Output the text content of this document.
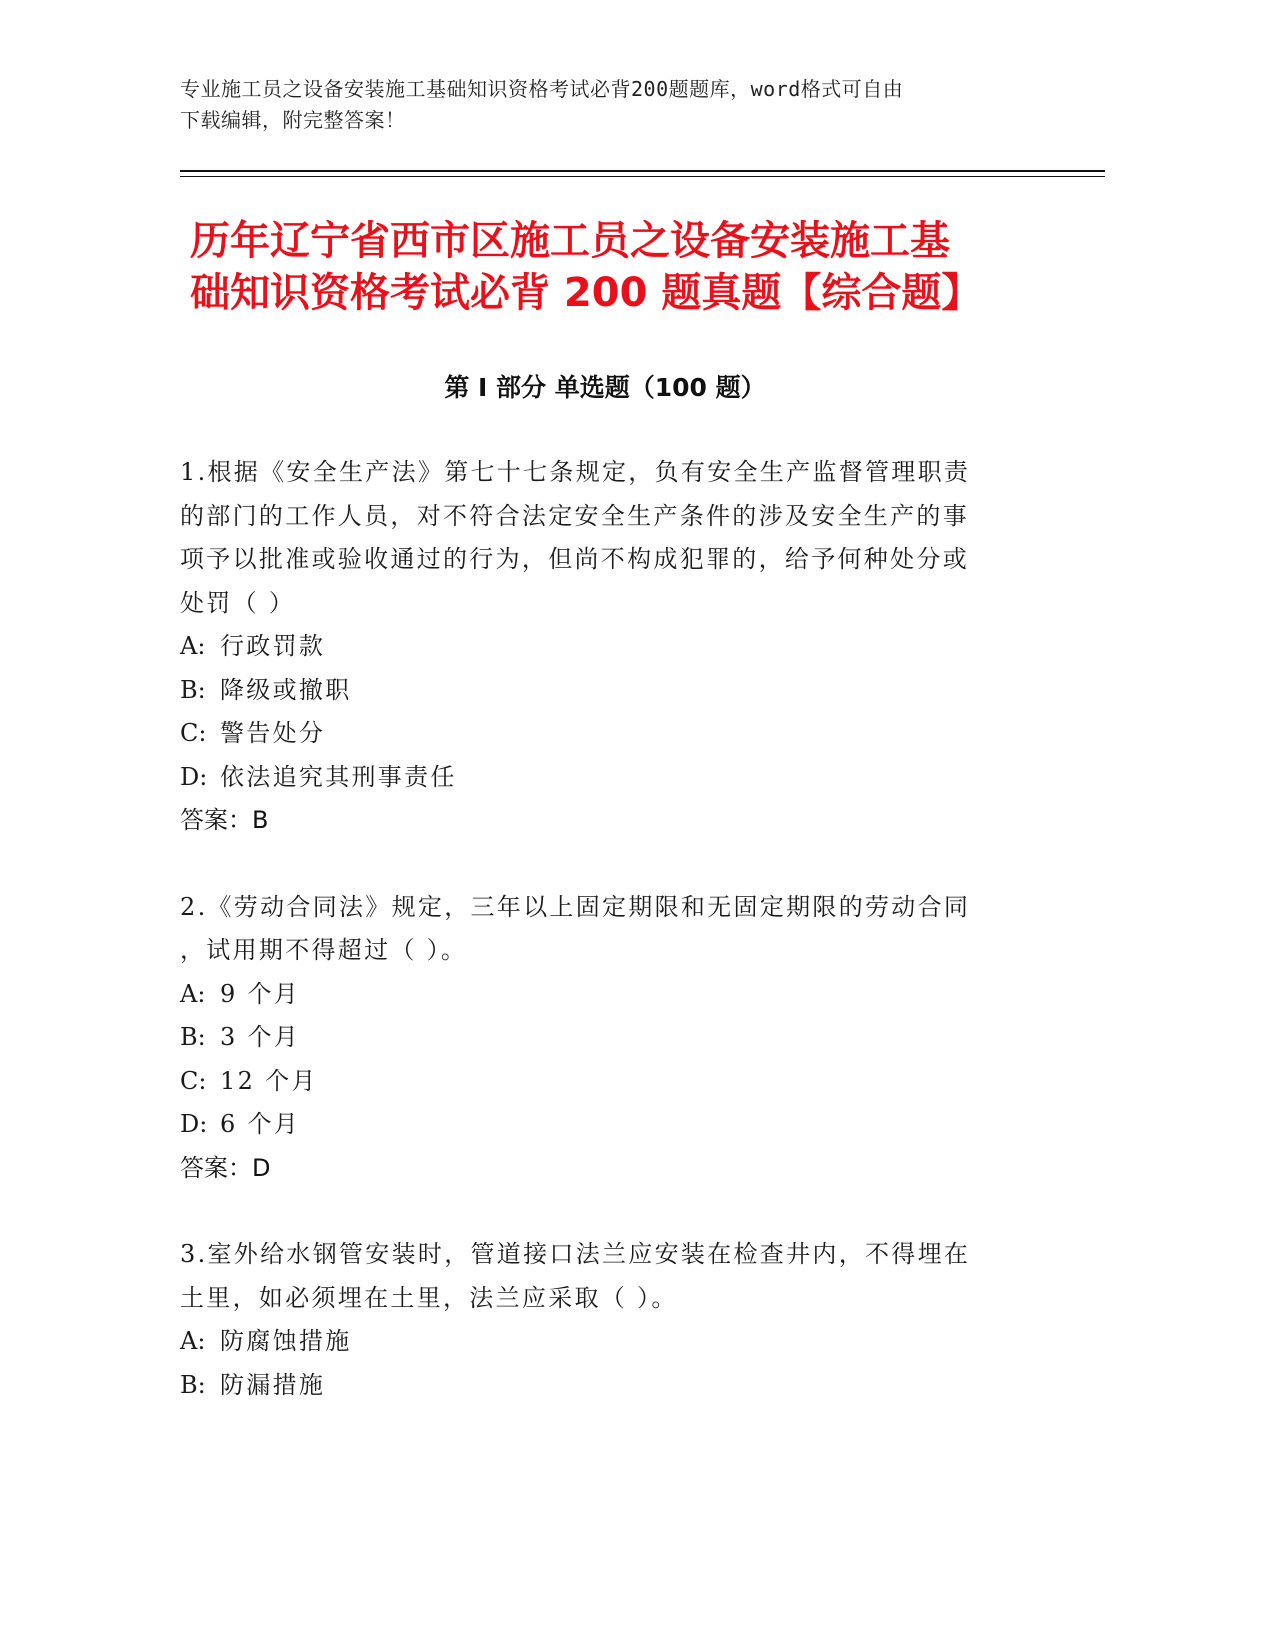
专业施工员之设备安装施工基础知识资格考试必背200题题库，word格式可自由
下载编辑，附完整答案！
历年辽宁省西市区施工员之设备安装施工基
础知识资格考试必背 200 题真题【综合题】
第 I 部分 单选题（100 题）
1.根据《安全生产法》第七十七条规定，负有安全生产监督管理职责
的部门的工作人员，对不符合法定安全生产条件的涉及安全生产的事
项予以批准或验收通过的行为，但尚不构成犯罪的，给予何种处分或
处罚（ ）
A: 行政罚款
B: 降级或撤职
C: 警告处分
D: 依法追究其刑事责任
答案：B
2.《劳动合同法》规定，三年以上固定期限和无固定期限的劳动合同
，试用期不得超过（ ）。
A: 9 个月
B: 3 个月
C: 12 个月
D: 6 个月
答案：D
3.室外给水钢管安装时，管道接口法兰应安装在检查井内，不得埋在
土里，如必须埋在土里，法兰应采取（ ）。
A: 防腐蚀措施
B: 防漏措施
